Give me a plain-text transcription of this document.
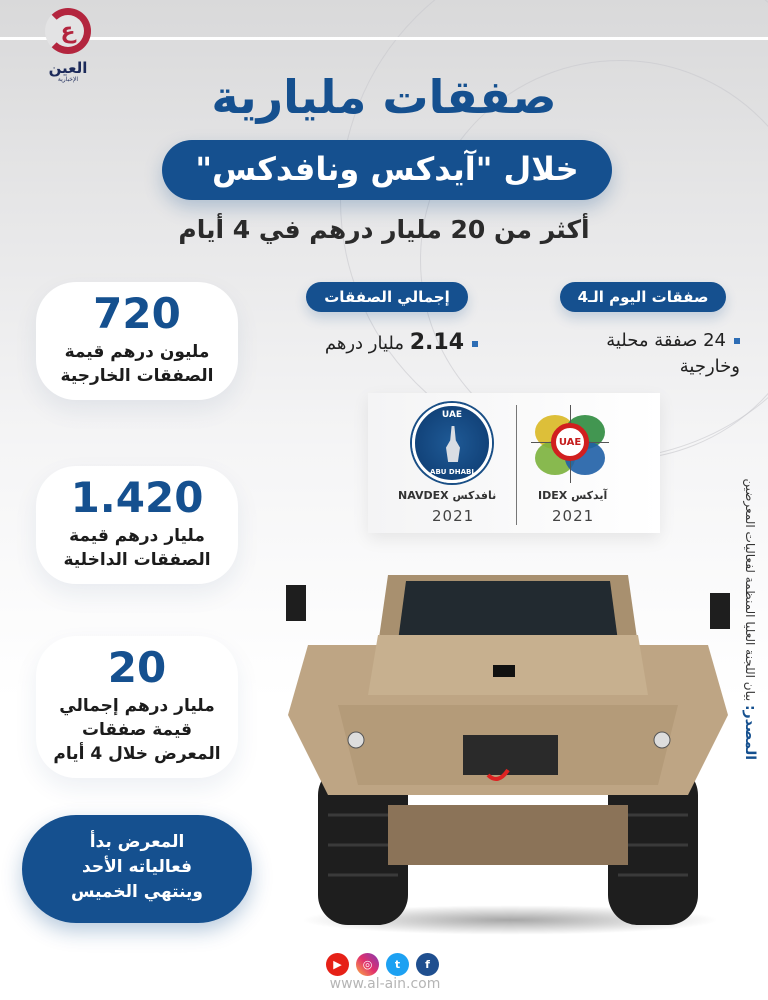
ع
العين
الإخبارية	صفقات مليارية
خلال "آيدكس ونافدكس"
أكثر من 20 مليار درهم في 4 أيام
صفقات اليوم الـ4
24 صفقة محلية
وخارجية
إجمالي الصفقات
2.14 مليار درهم
720
مليون درهم قيمة
الصفقات الخارجية
1.420
مليار درهم قيمة
الصفقات الداخلية
20
مليار درهم إجمالي
قيمة صفقات
المعرض خلال 4 أيام
المعرض بدأ
فعالياته الأحد
وينتهي الخميس
UAE
ABU DHABI
NAVDEX نافدكس
2021
UAE
IDEX آيدكس
2021
المصدر: بيان اللجنة العليا المنظمة لفعاليات المعرضين
▶	◎	t	f
www.al-ain.com
